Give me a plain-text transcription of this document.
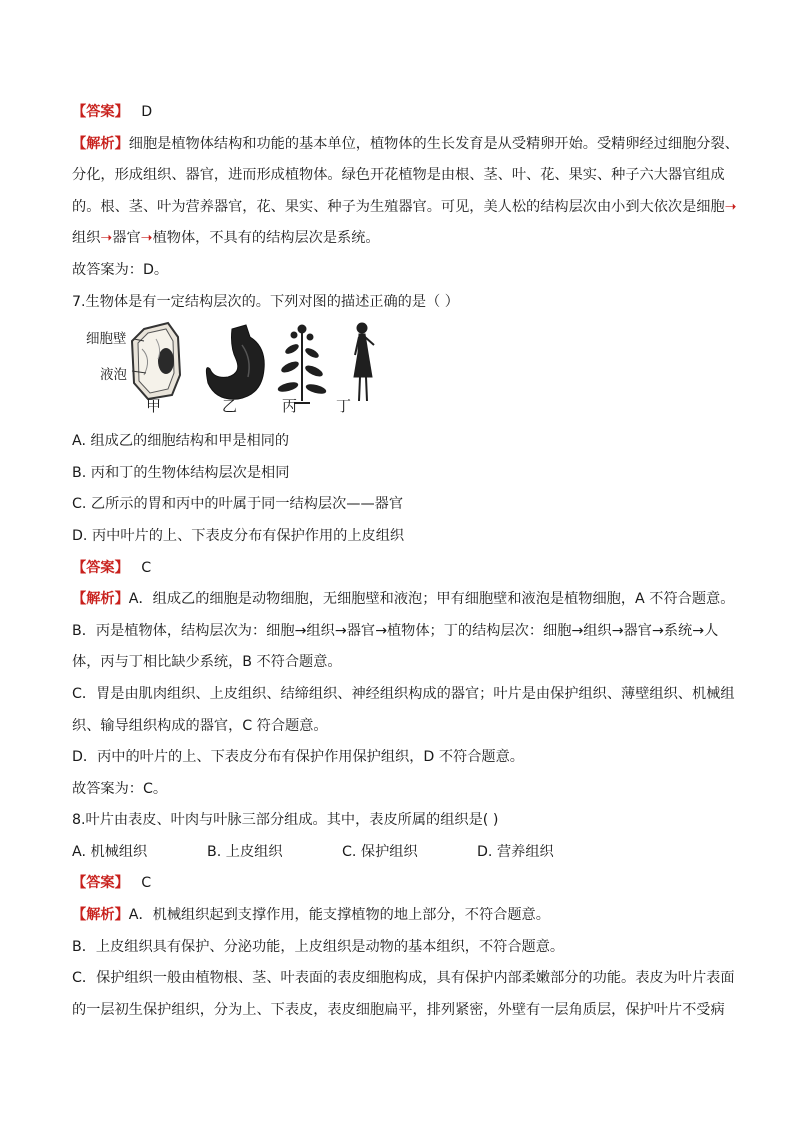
【答案】 D

【解析】细胞是植物体结构和功能的基本单位，植物体的生长发育是从受精卵开始。受精卵经过细胞分裂、

分化，形成组织、器官，进而形成植物体。绿色开花植物是由根、茎、叶、花、果实、种子六大器官组成

的。根、茎、叶为营养器官，花、果实、种子为生殖器官。可见，美人松的结构层次由小到大依次是细胞➝

组织➝器官➝植物体，不具有的结构层次是系统。

故答案为：D。

7.生物体是有一定结构层次的。下列对图的描述正确的是（ ）

细胞壁
液泡
甲	乙	丙	丁

A. 组成乙的细胞结构和甲是相同的

B. 丙和丁的生物体结构层次是相同

C. 乙所示的胃和丙中的叶属于同一结构层次——器官

D. 丙中叶片的上、下表皮分布有保护作用的上皮组织

【答案】 C

【解析】A．组成乙的细胞是动物细胞，无细胞壁和液泡；甲有细胞壁和液泡是植物细胞，A 不符合题意。

B．丙是植物体，结构层次为：细胞→组织→器官→植物体；丁的结构层次：细胞→组织→器官→系统→人

体，丙与丁相比缺少系统，B 不符合题意。

C．胃是由肌肉组织、上皮组织、结缔组织、神经组织构成的器官；叶片是由保护组织、薄壁组织、机械组

织、输导组织构成的器官，C 符合题意。

D．丙中的叶片的上、下表皮分布有保护作用保护组织，D 不符合题意。

故答案为：C。

8.叶片由表皮、叶肉与叶脉三部分组成。其中，表皮所属的组织是( )

A. 机械组织	B. 上皮组织	C. 保护组织	D. 营养组织

【答案】 C

【解析】A．机械组织起到支撑作用，能支撑植物的地上部分，不符合题意。

B．上皮组织具有保护、分泌功能，上皮组织是动物的基本组织，不符合题意。

C．保护组织一般由植物根、茎、叶表面的表皮细胞构成，具有保护内部柔嫩部分的功能。表皮为叶片表面

的一层初生保护组织，分为上、下表皮，表皮细胞扁平，排列紧密，外壁有一层角质层，保护叶片不受病
